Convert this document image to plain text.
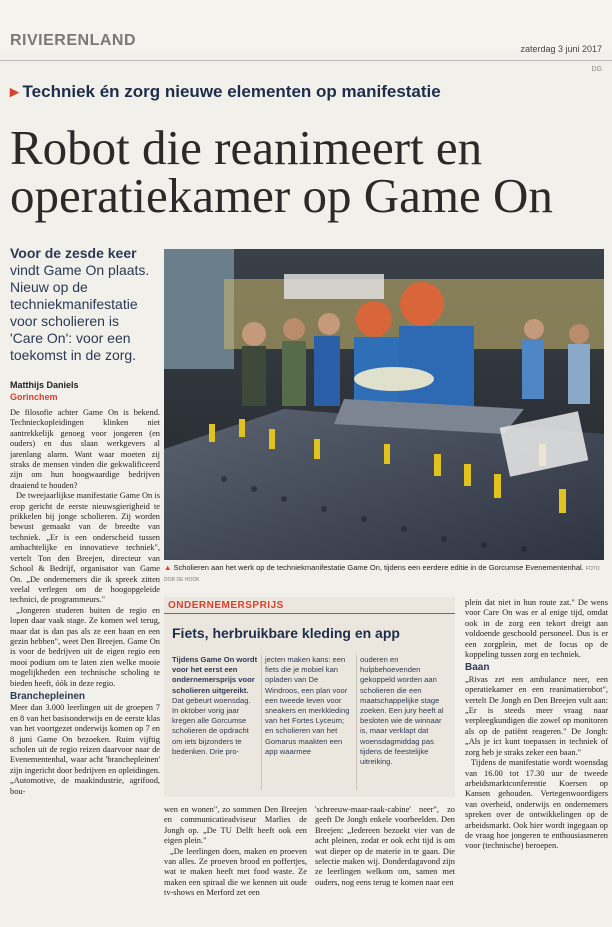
RIVIERENLAND	zaterdag 3 juni 2017
DG
▸ Techniek én zorg nieuwe elementen op manifestatie
Robot die reanimeert en operatiekamer op Game On
Voor de zesde keer vindt Game On plaats. Nieuw op de techniekmanifestatie voor scholieren is 'Care On': voor een toekomst in de zorg.
Matthijs Daniels
Gorinchem

De filosofie achter Game On is bekend. Technieckopleidingen klinken niet aantrekkelijk genoeg voor jongeren (en ouders) en dus slaan werkgevers al jarenlang alarm. Want waar moeten zij straks de mensen vinden die gekwalificeerd zijn om hun hoogwaardige bedrijven draaiend te houden?

De tweejaarlijkse manifestatie Game On is erop gericht de eerste nieuwsgierigheid te prikkelen bij jonge scholieren. Zij worden bewust gemaakt van de breedte van techniek. „Er is een onderscheid tussen ambachtelijke en innovatieve techniek", vertelt Ton den Breejen, directeur van School & Bedrijf, organisator van Game On. „De ondernemers die ik spreek zitten veelal verlegen om de hoogopgeleide technici, de programmeurs."

„Jongeren studeren buiten de regio en lopen daar vaak stage. Ze komen wel terug, maar dat is dan pas als ze een baan en een gezin hebben", weet Den Breejen. Game On is voor de bedrijven uit de eigen regio een mooi podium om te laten zien welke mooie mogelijkheden een technische scholing te bieden heeft, óók in deze regio.

Branchepleinen

Meer dan 3.000 leerlingen uit de groepen 7 en 8 van het basisonderwijs en de eerste klas van het voortgezet onderwijs komen op 7 en 8 juni Game On bezoeken. Ruim vijftig scholen uit de regio reizen daarvoor naar de Evenementenhal, waar acht 'branchepleinen' zijn ingericht door bedrijven en opleidingen. „Automotive, de maakindustrie, agrifood, bou-

▲ Scholieren aan het werk op de techniekmanifestatie Game On, tijdens een eerdere editie in de Gorcumse Evenementenhal. FOTO DOR DE HOOK
ONDERNEMERSPRIJS
Fiets, herbruikbare kleding en app
Tijdens Game On wordt voor het eerst een ondernemersprijs voor scholieren uitgereikt. Dat gebeurt woensdag. In oktober vorig jaar kregen alle Gorcumse scholieren de opdracht om iets bijzonders te bedenken. Drie pro-
jecten maken kans: een fiets die je mobiel kan opladen van De Windroos, een plan voor een tweede leven voor sneakers en merkkleding van het Fortes Lyceum; en scholieren van het Gomarus maakten een app waarmee
ouderen en hulpbehoevenden gekoppeld worden aan scholieren die een maatschappelijke stage zoeken. Een jury heeft al besloten wie de winnaar is, maar verklapt dat woensdagmiddag pas tijdens de feestelijke uitreiking.

wen en wonen", zo sommen Den Breejen en communicatieadviseur Marlies de Jongh op. „De TU Delft heeft ook een eigen plein."

„De leerlingen doen, maken en proeven van alles. Ze proeven brood en poffertjes, wat te maken heeft met food waste. Ze maken een spiraal die we kennen uit oude tv-shows en Merford zet een

'schreeuw-maar-raak-cabine' neer", zo geeft De Jongh enkele voorbeelden. Den Breejen: „Iedereen bezoekt vier van de acht pleinen, zodat er ook echt tijd is om wat dieper op de materie in te gaan. Die selectie maken wij. Donderdagavond zijn ze leerlingen welkom om, samen met ouders, nog eens terug te komen naar een

plein dat niet in hun route zat." De wens voor Care On was er al enige tijd, omdat ook in de zorg een tekort dreigt aan voldoende geschoold personeel. Dus is er een zorgplein, met de focus op de koppeling tussen zorg en techniek.

Baan

„Rivas zet een ambulance neer, een operatiekamer en een reanimatierobot", vertelt De Jongh en Den Breejen vult aan: „Er is steeds meer vraag naar verpleegkundigen die zowel op monitoren als op de patiënt reageren." De Jongh: „Als je ict kunt toepassen in techniek of zorg heb je straks zeker een baan."

Tijdens de manifestatie wordt woensdag van 16.00 tot 17.30 uur de tweede arbeidsmarktconferentie Koersen op Kansen gehouden. Vertegenwoordigers van overheid, onderwijs en ondernemers spreken over de ontwikkelingen op de arbeidsmarkt. Ook hier wordt ingegaan op de vraag hoe jongeren te enthousiasmeren voor (technische) beroepen.
